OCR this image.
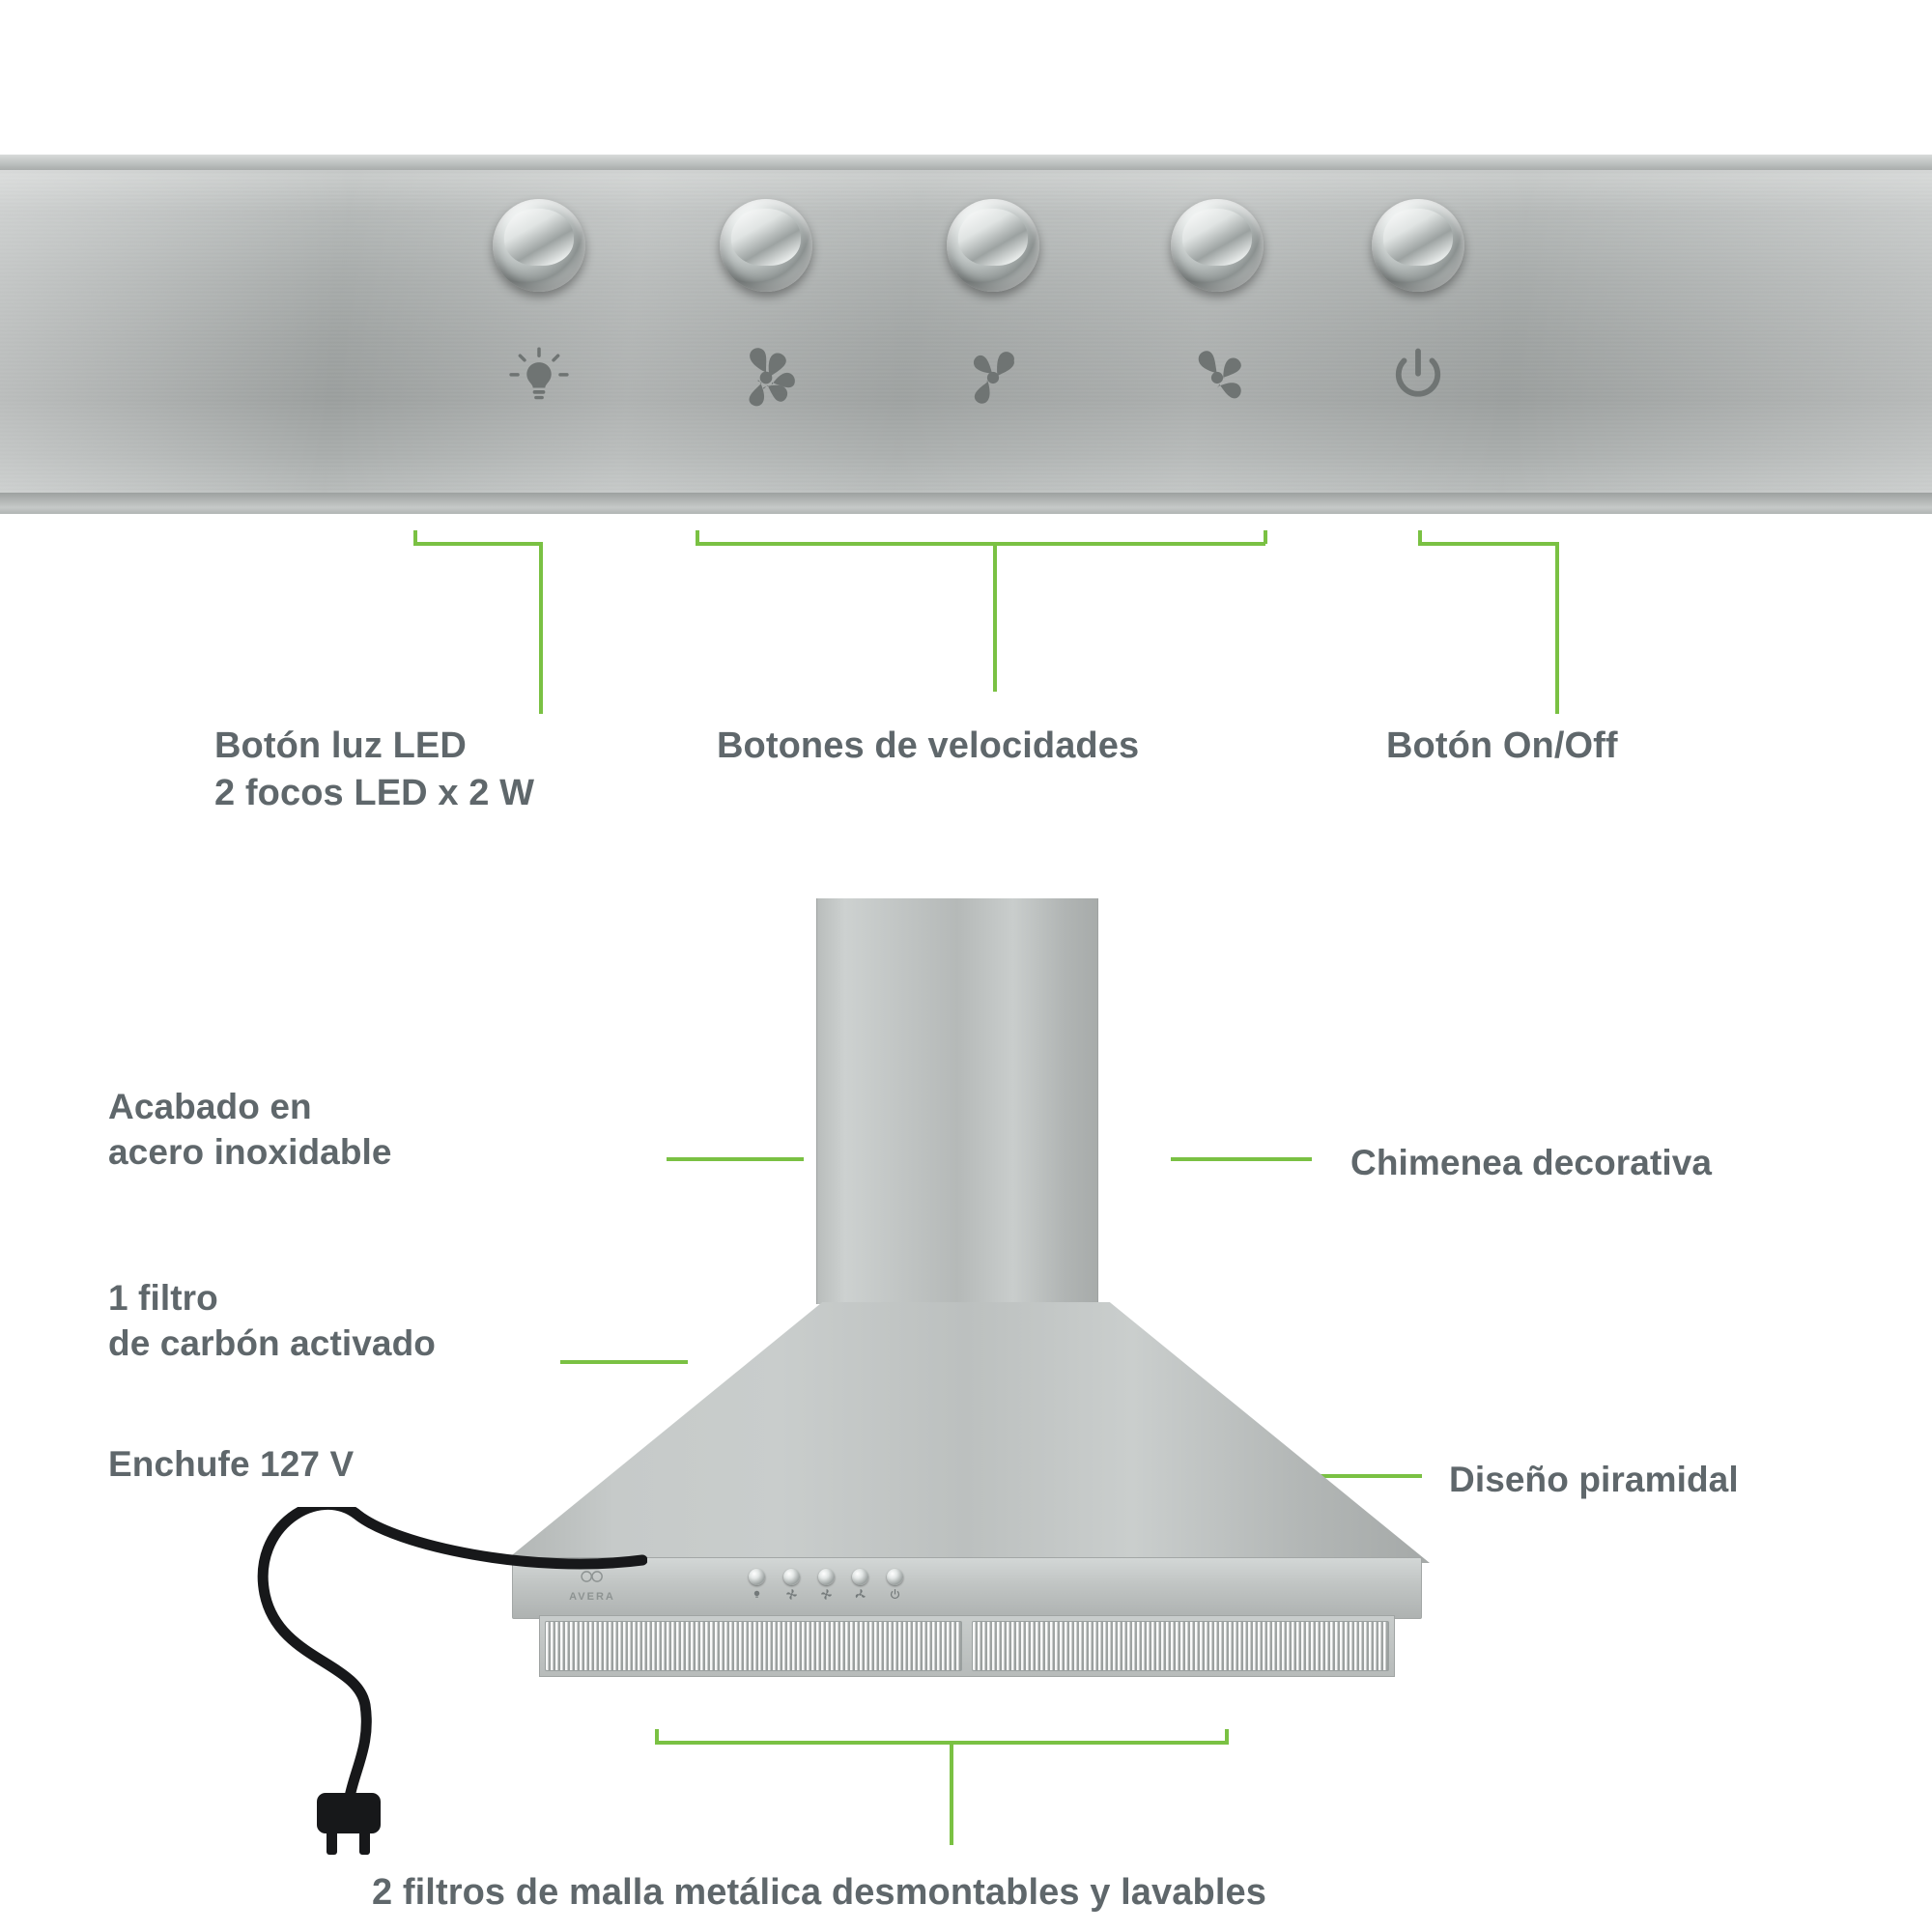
Botón luz LED
2 focos LED x 2 W
Botones de velocidades	Botón On/Off
AVERA
Acabado en
acero inoxidable
1 filtro
de carbón activado
Enchufe 127 V
Chimenea decorativa
Diseño piramidal
2 filtros de malla metálica desmontables y lavables
